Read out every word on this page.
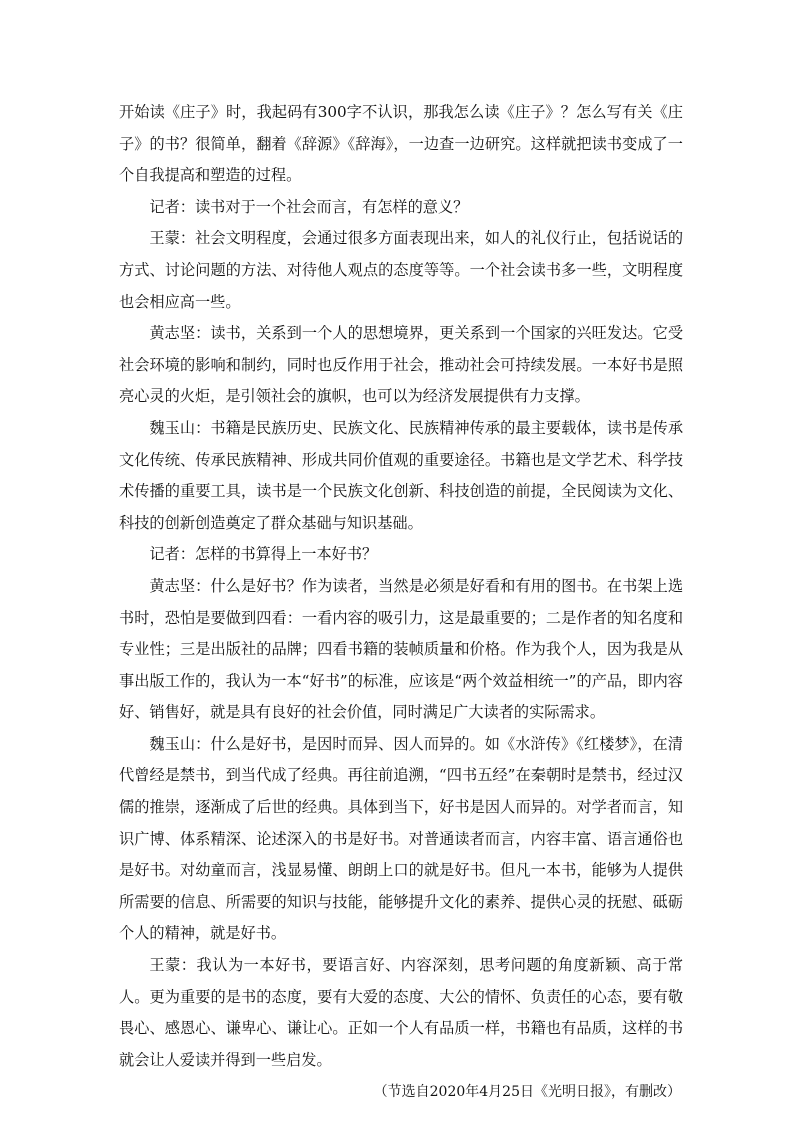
开始读《庄子》时，我起码有300字不认识，那我怎么读《庄子》？怎么写有关《庄子》的书？很简单，翻着《辞源》《辞海》，一边查一边研究。这样就把读书变成了一个自我提高和塑造的过程。

记者：读书对于一个社会而言，有怎样的意义？

王蒙：社会文明程度，会通过很多方面表现出来，如人的礼仪行止，包括说话的方式、讨论问题的方法、对待他人观点的态度等等。一个社会读书多一些，文明程度也会相应高一些。

黄志坚：读书，关系到一个人的思想境界，更关系到一个国家的兴旺发达。它受社会环境的影响和制约，同时也反作用于社会，推动社会可持续发展。一本好书是照亮心灵的火炬，是引领社会的旗帜，也可以为经济发展提供有力支撑。

魏玉山：书籍是民族历史、民族文化、民族精神传承的最主要载体，读书是传承文化传统、传承民族精神、形成共同价值观的重要途径。书籍也是文学艺术、科学技术传播的重要工具，读书是一个民族文化创新、科技创造的前提，全民阅读为文化、科技的创新创造奠定了群众基础与知识基础。

记者：怎样的书算得上一本好书？

黄志坚：什么是好书？作为读者，当然是必须是好看和有用的图书。在书架上选书时，恐怕是要做到四看：一看内容的吸引力，这是最重要的；二是作者的知名度和专业性；三是出版社的品牌；四看书籍的装帧质量和价格。作为我个人，因为我是从事出版工作的，我认为一本“好书”的标准，应该是“两个效益相统一”的产品，即内容好、销售好，就是具有良好的社会价值，同时满足广大读者的实际需求。

魏玉山：什么是好书，是因时而异、因人而异的。如《水浒传》《红楼梦》，在清代曾经是禁书，到当代成了经典。再往前追溯，“四书五经”在秦朝时是禁书，经过汉儒的推崇，逐渐成了后世的经典。具体到当下，好书是因人而异的。对学者而言，知识广博、体系精深、论述深入的书是好书。对普通读者而言，内容丰富、语言通俗也是好书。对幼童而言，浅显易懂、朗朗上口的就是好书。但凡一本书，能够为人提供所需要的信息、所需要的知识与技能，能够提升文化的素养、提供心灵的抚慰、砥砺个人的精神，就是好书。

王蒙：我认为一本好书，要语言好、内容深刻，思考问题的角度新颖、高于常人。更为重要的是书的态度，要有大爱的态度、大公的情怀、负责任的心态，要有敬畏心、感恩心、谦卑心、谦让心。正如一个人有品质一样，书籍也有品质，这样的书就会让人爱读并得到一些启发。

（节选自2020年4月25日《光明日报》，有删改）
